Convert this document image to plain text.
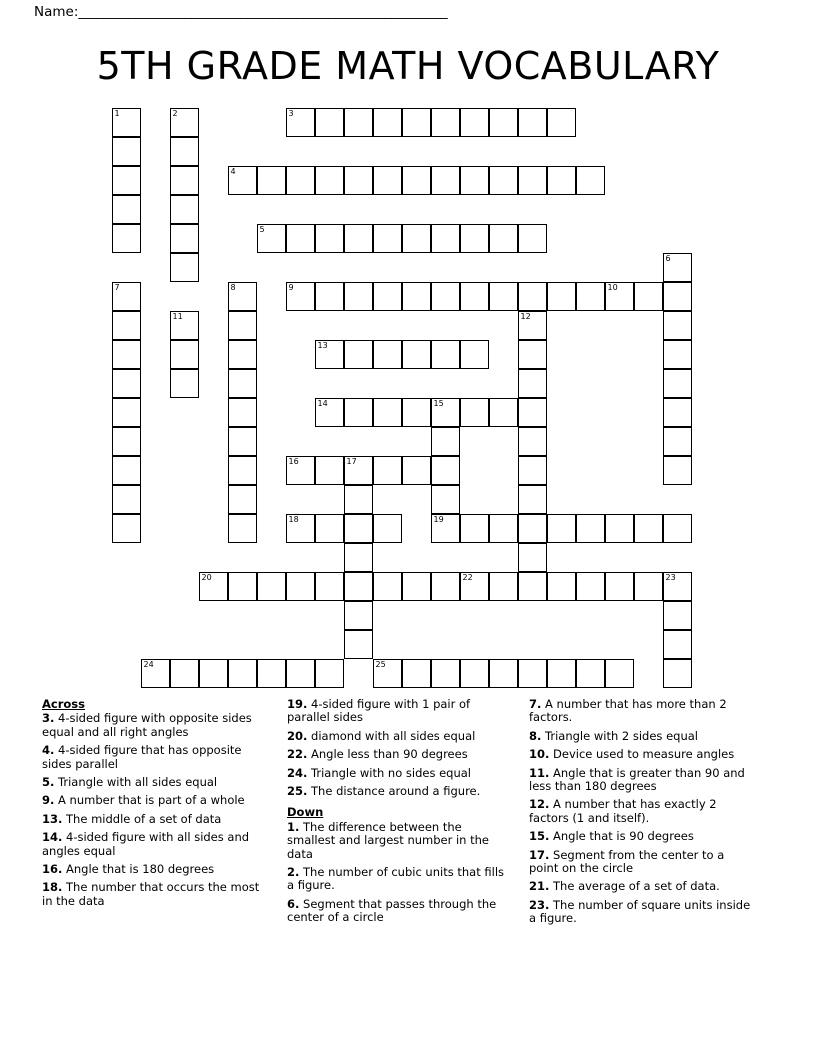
Name:___________________________________________________________
5TH GRADE MATH VOCABULARY
1	2	3
4
5
6
7	8	9	10
11	12
13
14	15
16	17
18	19
20	22	23
24	25
Across
3. 4-sided figure with opposite sides equal and all right angles
4. 4-sided figure that has opposite sides parallel
5. Triangle with all sides equal
9. A number that is part of a whole
13. The middle of a set of data
14. 4-sided figure with all sides and angles equal
16. Angle that is 180 degrees
18. The number that occurs the most in the data
19. 4-sided figure with 1 pair of parallel sides
20. diamond with all sides equal
22. Angle less than 90 degrees
24. Triangle with no sides equal
25. The distance around a figure.
Down
1. The difference between the smallest and largest number in the data
2. The number of cubic units that fills a figure.
6. Segment that passes through the center of a circle
7. A number that has more than 2 factors.
8. Triangle with 2 sides equal
10. Device used to measure angles
11. Angle that is greater than 90 and less than 180 degrees
12. A number that has exactly 2 factors (1 and itself).
15. Angle that is 90 degrees
17. Segment from the center to a point on the circle
21. The average of a set of data.
23. The number of square units inside a figure.
